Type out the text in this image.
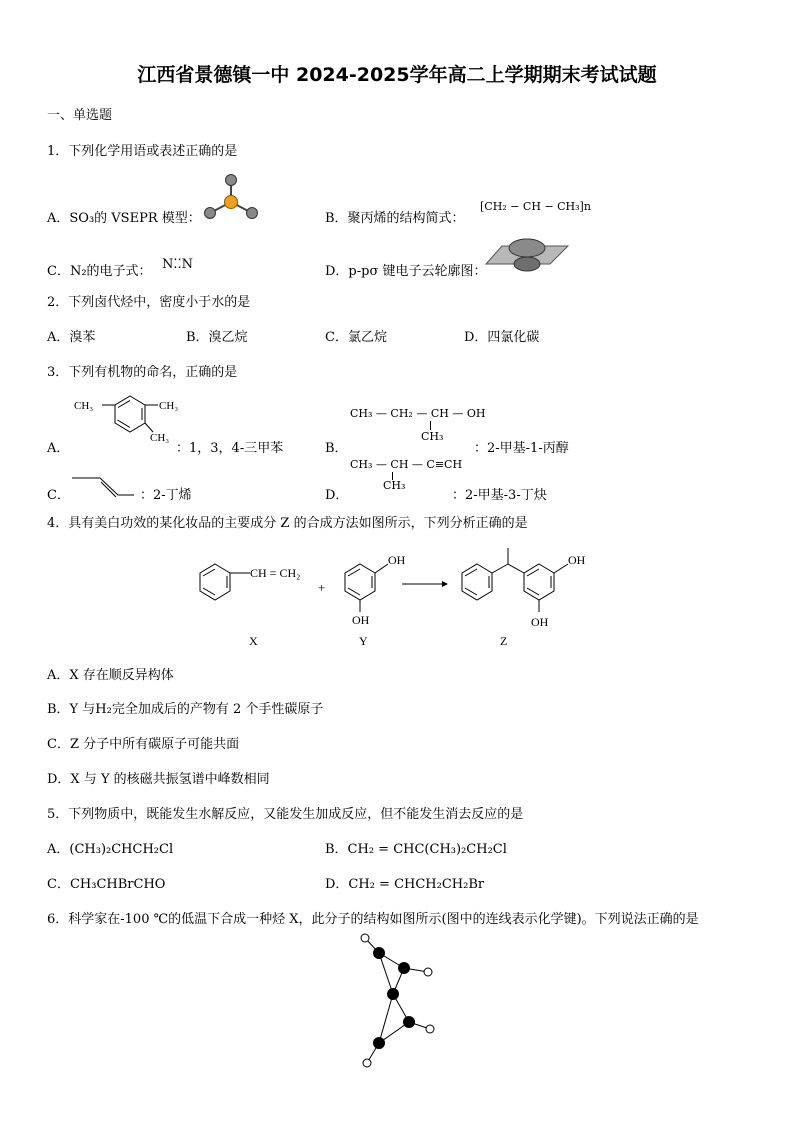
江西省景德镇一中 2024-2025学年高二上学期期末考试试题
一、单选题
1．下列化学用语或表述正确的是
A．SO₃的 VSEPR 模型：	B．聚丙烯的结构简式：
[CH₂ − CH − CH₃]n
C．N₂的电子式： N⁚⁚N	D．p-pσ 键电子云轮廓图：
2．下列卤代烃中，密度小于水的是
A．溴苯	B．溴乙烷	C．氯乙烷	D．四氯化碳
3．下列有机物的命名，正确的是
A．
CH₃	CH₃
CH₃
：1，3，4-三甲苯	B．
CH₃ — CH₂ — CH — OH
CH₃
：2-甲基-1-丙醇
C．	：2-丁烯	D．
CH₃ — CH — C≡CH
CH₃
：2-甲基-3-丁炔
4．具有美白功效的某化妆品的主要成分 Z 的合成方法如图所示，下列分析正确的是
CH = CH₂
+
OH
OH
OH
OH
X	Y	Z
A．X 存在顺反异构体
B．Y 与H₂完全加成后的产物有 2 个手性碳原子
C．Z 分子中所有碳原子可能共面
D．X 与 Y 的核磁共振氢谱中峰数相同
5．下列物质中，既能发生水解反应，又能发生加成反应，但不能发生消去反应的是
A．(CH₃)₂CHCH₂Cl	B．CH₂ = CHC(CH₃)₂CH₂Cl
C．CH₃CHBrCHO	D．CH₂ = CHCH₂CH₂Br
6．科学家在-100 ℃的低温下合成一种烃 X，此分子的结构如图所示(图中的连线表示化学键)。下列说法正确的是
